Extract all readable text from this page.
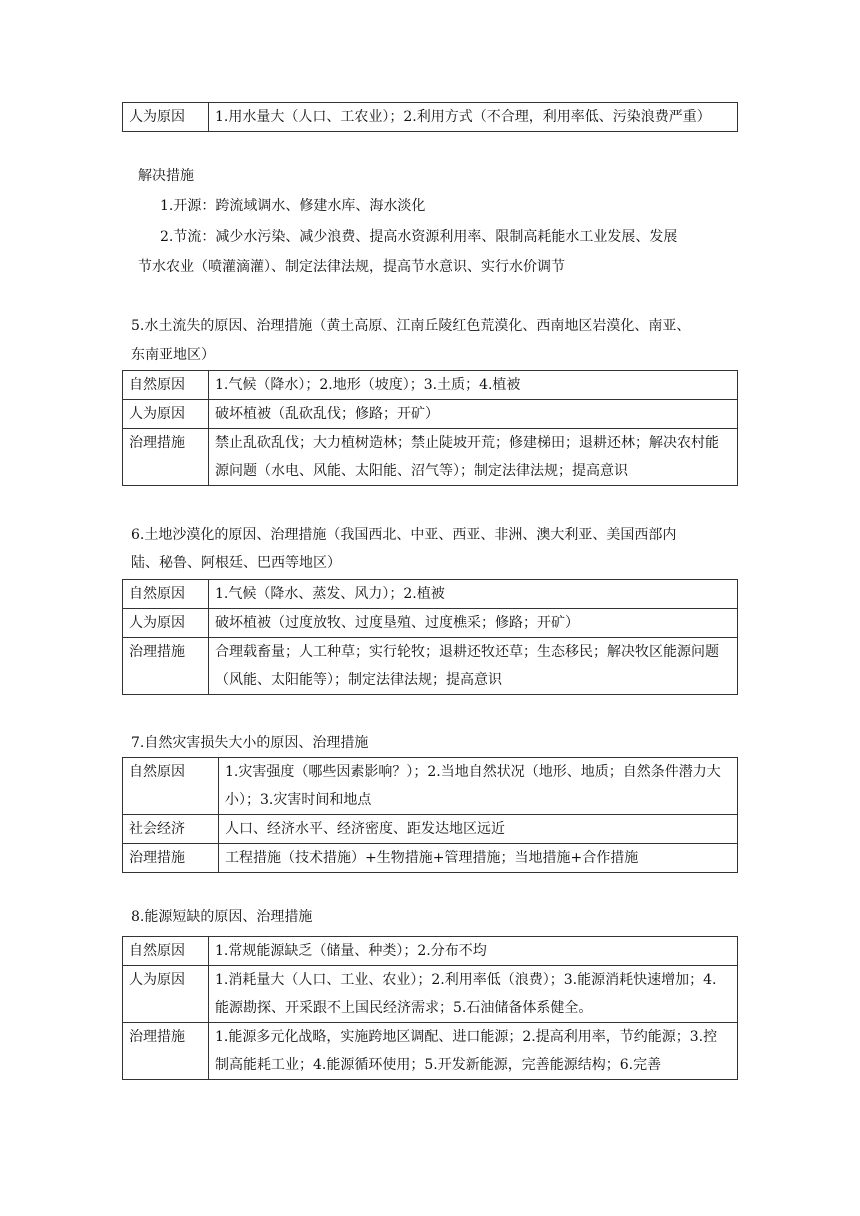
人为原因	1.用水量大（人口、工农业）；2.利用方式（不合理，利用率低、污染浪费严重）
解决措施
1.开源：跨流域调水、修建水库、海水淡化
2.节流：减少水污染、减少浪费、提高水资源利用率、限制高耗能水工业发展、发展
节水农业（喷灌滴灌）、制定法律法规，提高节水意识、实行水价调节
5.水土流失的原因、治理措施（黄土高原、江南丘陵红色荒漠化、西南地区岩漠化、南亚、
东南亚地区）
自然原因	1.气候（降水）；2.地形（坡度）；3.土质；4.植被
人为原因	破坏植被（乱砍乱伐；修路；开矿）
治理措施	禁止乱砍乱伐；大力植树造林；禁止陡坡开荒；修建梯田；退耕还林；解决农村能源问题（水电、风能、太阳能、沼气等）；制定法律法规；提高意识
6.土地沙漠化的原因、治理措施（我国西北、中亚、西亚、非洲、澳大利亚、美国西部内
陆、秘鲁、阿根廷、巴西等地区）
自然原因	1.气候（降水、蒸发、风力）；2.植被
人为原因	破坏植被（过度放牧、过度垦殖、过度樵采；修路；开矿）
治理措施	合理载畜量；人工种草；实行轮牧；退耕还牧还草；生态移民；解决牧区能源问题（风能、太阳能等）；制定法律法规；提高意识
7.自然灾害损失大小的原因、治理措施
自然原因	1.灾害强度（哪些因素影响？）；2.当地自然状况（地形、地质；自然条件潜力大小）；3.灾害时间和地点
社会经济	人口、经济水平、经济密度、距发达地区远近
治理措施	工程措施（技术措施）+生物措施+管理措施；当地措施+合作措施
8.能源短缺的原因、治理措施
自然原因	1.常规能源缺乏（储量、种类）；2.分布不均
人为原因	1.消耗量大（人口、工业、农业）；2.利用率低（浪费）；3.能源消耗快速增加；4. 能源勘探、开采跟不上国民经济需求；5.石油储备体系健全。
治理措施	1.能源多元化战略，实施跨地区调配、进口能源；2.提高利用率，节约能源；3.控制高能耗工业；4.能源循环使用；5.开发新能源，完善能源结构；6.完善
